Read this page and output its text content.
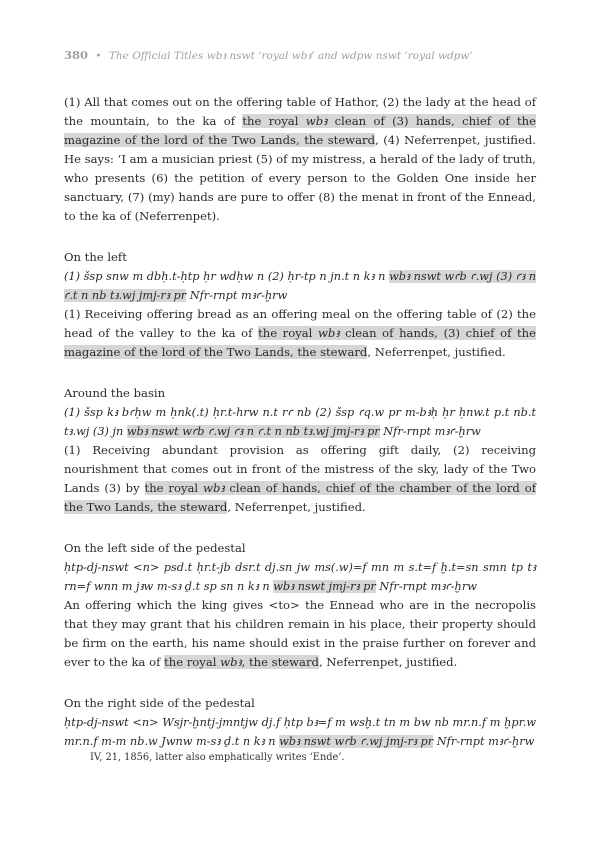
380 • The Official Titles wbꜣ nswt ‘royal wbꜣ’ and wdpw nswt ‘royal wdpw’

(1) All that comes out on the offering table of Hathor, (2) the lady at the head of the mountain, to the ka of the royal wbꜣ clean of (3) hands, chief of the magazine of the lord of the Two Lands, the steward, (4) Neferrenpet, justified. He says: ‘I am a musician priest (5) of my mistress, a herald of the lady of truth, who presents (6) the petition of every person to the Golden One inside her sanctuary, (7) (my) hands are pure to offer (8) the menat in front of the Ennead, to the ka of (Neferrenpet).

On the left

(1) šsp snw m dbḥ.t-ḥtp ḥr wdḥw n (2) ḥr-tp n jn.t n kꜣ n wbꜣ nswt wꜥb ꜥ.wj (3) ꜥꜣ n ꜥ.t n nb tꜣ.wj jmj-rꜣ pr Nfr-rnpt mꜣꜥ-ḫrw

(1) Receiving offering bread as an offering meal on the offering table of (2) the head of the valley to the ka of the royal wbꜣ clean of hands, (3) chief of the magazine of the lord of the Two Lands, the steward, Neferrenpet, justified.

Around the basin

(1) šsp kꜣ bꜥḥw m ḥnk(.t) ḥr.t-hrw n.t rꜥ nb (2) šsp ꜥq.w pr m-bꜣḥ ḥr ḥnw.t p.t nb.t tꜣ.wj (3) jn wbꜣ nswt wꜥb ꜥ.wj ꜥꜣ n ꜥ.t n nb tꜣ.wj jmj-rꜣ pr Nfr-rnpt mꜣꜥ-ḫrw

(1) Receiving abundant provision as offering gift daily, (2) receiving nourishment that comes out in front of the mistress of the sky, lady of the Two Lands (3) by the royal wbꜣ clean of hands, chief of the chamber of the lord of the Two Lands, the steward, Neferrenpet, justified.

On the left side of the pedestal

ḥtp-dj-nswt <n> psd.t ḥr.t-jb dsr.t dj.sn jw ms(.w)=f mn m s.t=f ḫ.t=sn smn tp tꜣ rn=f wnn m jꜣw m-sꜣ ḏ.t sp sn n kꜣ n wbꜣ nswt jmj-rꜣ pr Nfr-rnpt mꜣꜥ-ḫrw

An offering which the king gives <to> the Ennead who are in the necropolis that they may grant that his children remain in his place, their property should be firm on the earth, his name should exist in the praise further on forever and ever to the ka of the royal wbꜣ, the steward, Neferrenpet, justified.

On the right side of the pedestal

ḥtp-dj-nswt <n> Wsjr-ḫntj-jmntjw dj.f ḥtp bꜣ=f m wsḫ.t tn m bw nb mr.n.f m ḫpr.w mr.n.f m-m nb.w Jwnw m-sꜣ ḏ.t n kꜣ n wbꜣ nswt wꜥb ꜥ.wj jmj-rꜣ pr Nfr-rnpt mꜣꜥ-ḫrw

IV, 21, 1856, latter also emphatically writes ‘Ende’.
